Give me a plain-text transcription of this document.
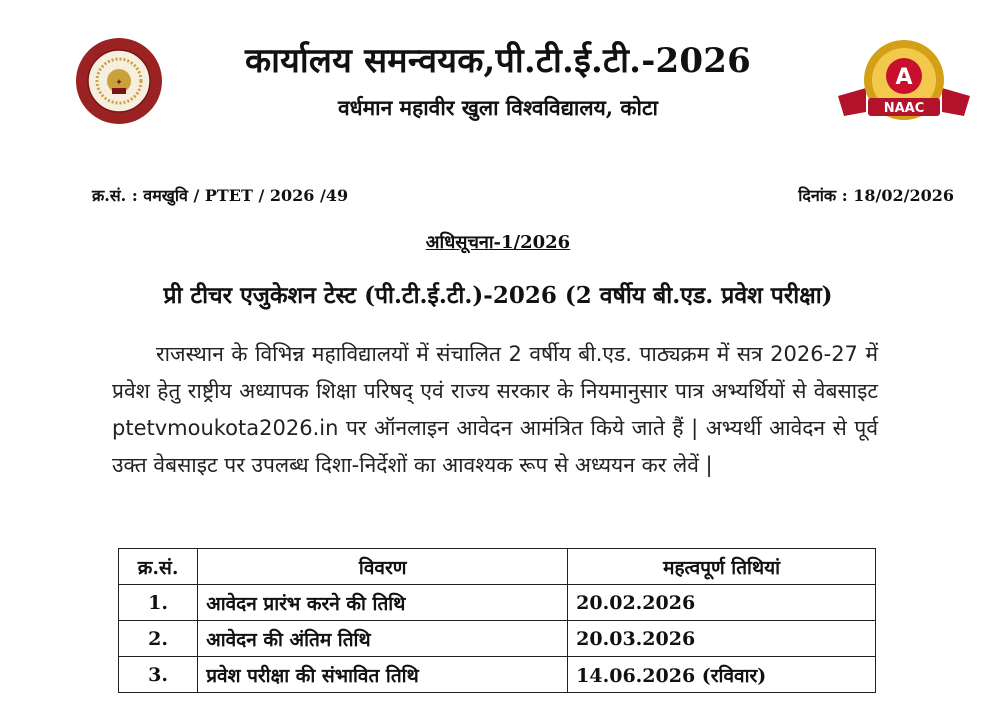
✦	A
NAAC
कार्यालय समन्वयक,पी.टी.ई.टी.-2026
वर्धमान महावीर खुला विश्वविद्यालय, कोटा
क्र.सं. : वमखुवि / PTET / 2026 /49	दिनांक : 18/02/2026
अधिसूचना-1/2026
प्री टीचर एजुकेशन टेस्ट (पी.टी.ई.टी.)-2026 (2 वर्षीय बी.एड. प्रवेश परीक्षा)
राजस्थान के विभिन्न महाविद्यालयों में संचालित 2 वर्षीय बी.एड. पाठ्यक्रम में सत्र 2026-27 में प्रवेश हेतु राष्ट्रीय अध्यापक शिक्षा परिषद् एवं राज्य सरकार के नियमानुसार पात्र अभ्यर्थियों से वेबसाइट ptetvmoukota2026.in पर ऑनलाइन आवेदन आमंत्रित किये जाते हैं | अभ्यर्थी आवेदन से पूर्व उक्त वेबसाइट पर उपलब्ध दिशा-निर्देशों का आवश्यक रूप से अध्ययन कर लेवें |
क्र.सं.	विवरण	महत्वपूर्ण तिथियां
1.	आवेदन प्रारंभ करने की तिथि	20.02.2026
2.	आवेदन की अंतिम तिथि	20.03.2026
3.	प्रवेश परीक्षा की संभावित तिथि	14.06.2026 (रविवार)
